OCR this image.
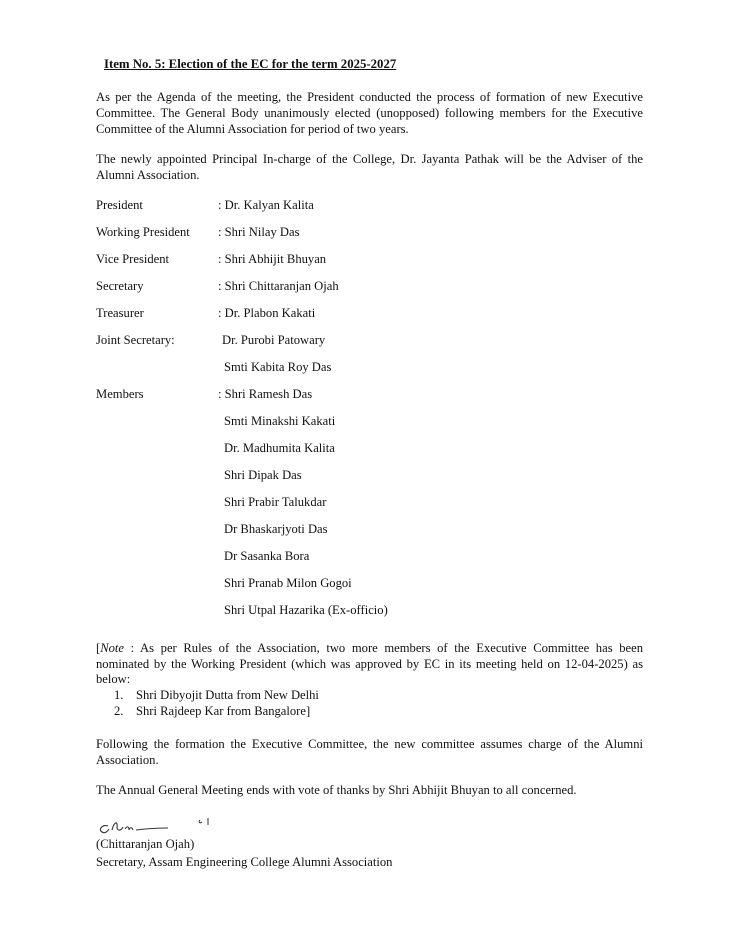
Item No. 5: Election of the EC for the term 2025-2027

As per the Agenda of the meeting, the President conducted the process of formation of new Executive Committee. The General Body unanimously elected (unopposed) following members for the Executive Committee of the Alumni Association for period of two years.

The newly appointed Principal In-charge of the College, Dr. Jayanta Pathak will be the Adviser of the Alumni Association.

President	: Dr. Kalyan Kalita
Working President : Shri Nilay Das
Vice President	: Shri Abhijit Bhuyan
Secretary	: Shri Chittaranjan Ojah
Treasurer	: Dr. Plabon Kakati
Joint Secretary:	Dr. Purobi Patowary
Smti Kabita Roy Das
Members	: Shri Ramesh Das
Smti Minakshi Kakati
Dr. Madhumita Kalita
Shri Dipak Das
Shri Prabir Talukdar
Dr Bhaskarjyoti Das
Dr Sasanka Bora
Shri Pranab Milon Gogoi
Shri Utpal Hazarika (Ex-officio)

[Note : As per Rules of the Association, two more members of the Executive Committee has been nominated by the Working President (which was approved by EC in its meeting held on 12-04-2025) as below:

1. Shri Dibyojit Dutta from New Delhi
2. Shri Rajdeep Kar from Bangalore]

Following the formation the Executive Committee, the new committee assumes charge of the Alumni Association.

The Annual General Meeting ends with vote of thanks by Shri Abhijit Bhuyan to all concerned.

(Chittaranjan Ojah)
Secretary, Assam Engineering College Alumni Association
